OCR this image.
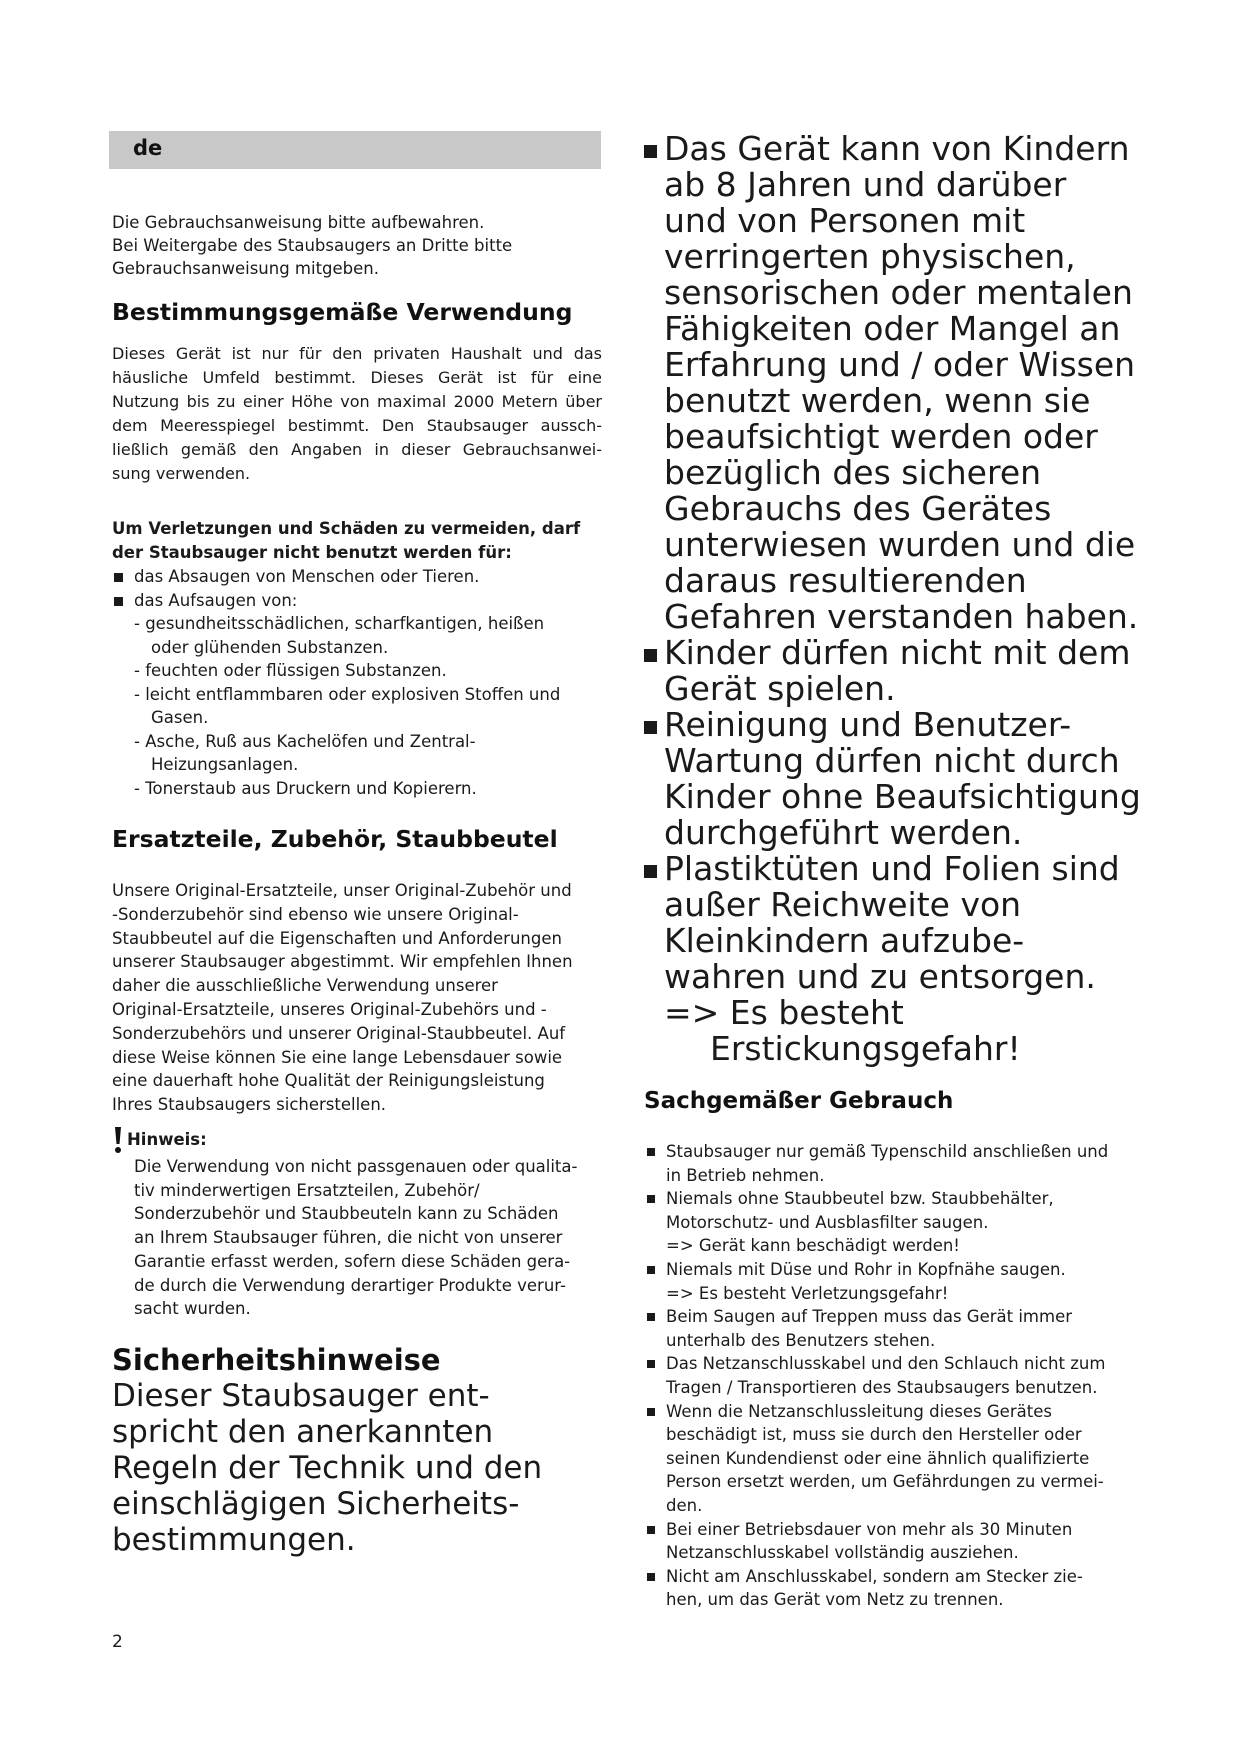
de
Die Gebrauchsanweisung bitte aufbewahren.
Bei Weitergabe des Staubsaugers an Dritte bitte
Gebrauchsanweisung mitgeben.
Bestimmungsgemäße Verwendung
Dieses Gerät ist nur für den privaten Haushalt und das
häusliche Umfeld bestimmt. Dieses Gerät ist für eine
Nutzung bis zu einer Höhe von maximal 2000 Metern über
dem Meeresspiegel bestimmt. Den Staubsauger aussch-
ließlich gemäß den Angaben in dieser Gebrauchsanwei-
sung verwenden.
Um Verletzungen und Schäden zu vermeiden, darf
der Staubsauger nicht benutzt werden für:
das Absaugen von Menschen oder Tieren.
das Aufsaugen von:
- gesundheitsschädlichen, scharfkantigen, heißen
oder glühenden Substanzen.
- feuchten oder flüssigen Substanzen.
- leicht entflammbaren oder explosiven Stoffen und
Gasen.
- Asche, Ruß aus Kachelöfen und Zentral-
Heizungsanlagen.
- Tonerstaub aus Druckern und Kopierern.
Ersatzteile, Zubehör, Staubbeutel
Unsere Original-Ersatzteile, unser Original-Zubehör und
-Sonderzubehör sind ebenso wie unsere Original-
Staubbeutel auf die Eigenschaften und Anforderungen
unserer Staubsauger abgestimmt. Wir empfehlen Ihnen
daher die ausschließliche Verwendung unserer
Original-Ersatzteile, unseres Original-Zubehörs und -
Sonderzubehörs und unserer Original-Staubbeutel. Auf
diese Weise können Sie eine lange Lebensdauer sowie
eine dauerhaft hohe Qualität der Reinigungsleistung
Ihres Staubsaugers sicherstellen.
Hinweis:
Die Verwendung von nicht passgenauen oder qualita-
tiv minderwertigen Ersatzteilen, Zubehör/
Sonderzubehör und Staubbeuteln kann zu Schäden
an Ihrem Staubsauger führen, die nicht von unserer
Garantie erfasst werden, sofern diese Schäden gera-
de durch die Verwendung derartiger Produkte verur-
sacht wurden.
Sicherheitshinweise
Dieser Staubsauger ent-
spricht den anerkannten
Regeln der Technik und den
einschlägigen Sicherheits-
bestimmungen.
Das Gerät kann von Kindern
ab 8 Jahren und darüber
und von Personen mit
verringerten physischen,
sensorischen oder mentalen
Fähigkeiten oder Mangel an
Erfahrung und / oder Wissen
benutzt werden, wenn sie
beaufsichtigt werden oder
bezüglich des sicheren
Gebrauchs des Gerätes
unterwiesen wurden und die
daraus resultierenden
Gefahren verstanden haben.
Kinder dürfen nicht mit dem
Gerät spielen.
Reinigung und Benutzer-
Wartung dürfen nicht durch
Kinder ohne Beaufsichtigung
durchgeführt werden.
Plastiktüten und Folien sind
außer Reichweite von
Kleinkindern aufzube-
wahren und zu entsorgen.
=> Es besteht
Erstickungsgefahr!
Sachgemäßer Gebrauch
Staubsauger nur gemäß Typenschild anschließen und
in Betrieb nehmen.
Niemals ohne Staubbeutel bzw. Staubbehälter,
Motorschutz- und Ausblasfilter saugen.
=> Gerät kann beschädigt werden!
Niemals mit Düse und Rohr in Kopfnähe saugen.
=> Es besteht Verletzungsgefahr!
Beim Saugen auf Treppen muss das Gerät immer
unterhalb des Benutzers stehen.
Das Netzanschlusskabel und den Schlauch nicht zum
Tragen / Transportieren des Staubsaugers benutzen.
Wenn die Netzanschlussleitung dieses Gerätes
beschädigt ist, muss sie durch den Hersteller oder
seinen Kundendienst oder eine ähnlich qualifizierte
Person ersetzt werden, um Gefährdungen zu vermei-
den.
Bei einer Betriebsdauer von mehr als 30 Minuten
Netzanschlusskabel vollständig ausziehen.
Nicht am Anschlusskabel, sondern am Stecker zie-
hen, um das Gerät vom Netz zu trennen.
2
